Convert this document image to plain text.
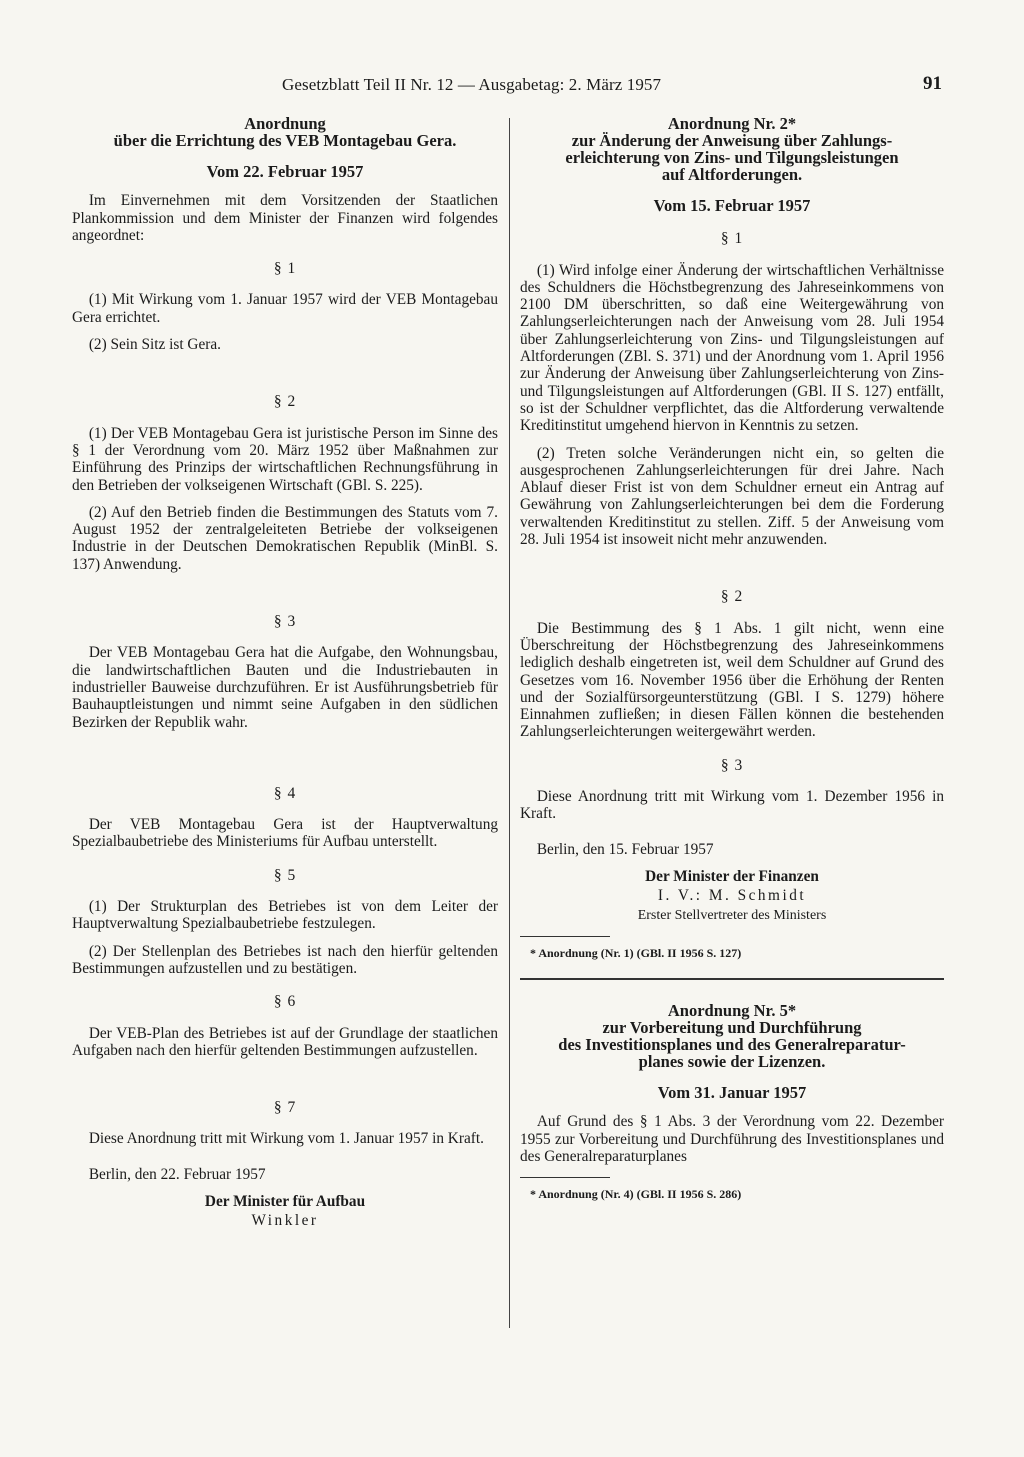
Gesetzblatt Teil II Nr. 12 — Ausgabetag: 2. März 1957	91

Anordnung

über die Errichtung des VEB Montagebau Gera.

Vom 22. Februar 1957

Im Einvernehmen mit dem Vorsitzenden der Staatlichen Plankommission und dem Minister der Finanzen wird folgendes angeordnet:

§ 1

(1) Mit Wirkung vom 1. Januar 1957 wird der VEB Montagebau Gera errichtet.

(2) Sein Sitz ist Gera.

§ 2

(1) Der VEB Montagebau Gera ist juristische Person im Sinne des § 1 der Verordnung vom 20. März 1952 über Maßnahmen zur Einführung des Prinzips der wirtschaftlichen Rechnungsführung in den Betrieben der volkseigenen Wirtschaft (GBl. S. 225).

(2) Auf den Betrieb finden die Bestimmungen des Statuts vom 7. August 1952 der zentralgeleiteten Betriebe der volkseigenen Industrie in der Deutschen Demokratischen Republik (MinBl. S. 137) Anwendung.

§ 3

Der VEB Montagebau Gera hat die Aufgabe, den Wohnungsbau, die landwirtschaftlichen Bauten und die Industriebauten in industrieller Bauweise durchzuführen. Er ist Ausführungsbetrieb für Bauhauptleistungen und nimmt seine Aufgaben in den südlichen Bezirken der Republik wahr.

§ 4

Der VEB Montagebau Gera ist der Hauptverwaltung Spezialbaubetriebe des Ministeriums für Aufbau unterstellt.

§ 5

(1) Der Strukturplan des Betriebes ist von dem Leiter der Hauptverwaltung Spezialbaubetriebe festzulegen.

(2) Der Stellenplan des Betriebes ist nach den hierfür geltenden Bestimmungen aufzustellen und zu bestätigen.

§ 6

Der VEB-Plan des Betriebes ist auf der Grundlage der staatlichen Aufgaben nach den hierfür geltenden Bestimmungen aufzustellen.

§ 7

Diese Anordnung tritt mit Wirkung vom 1. Januar 1957 in Kraft.

Berlin, den 22. Februar 1957

Der Minister für Aufbau

Winkler

Anordnung Nr. 2*

zur Änderung der Anweisung über Zahlungs-

erleichterung von Zins- und Tilgungsleistungen

auf Altforderungen.

Vom 15. Februar 1957

§ 1

(1) Wird infolge einer Änderung der wirtschaftlichen Verhältnisse des Schuldners die Höchstbegrenzung des Jahreseinkommens von 2100 DM überschritten, so daß eine Weitergewährung von Zahlungserleichterungen nach der Anweisung vom 28. Juli 1954 über Zahlungserleichterung von Zins- und Tilgungsleistungen auf Altforderungen (ZBl. S. 371) und der Anordnung vom 1. April 1956 zur Änderung der Anweisung über Zahlungserleichterung von Zins- und Tilgungsleistungen auf Altforderungen (GBl. II S. 127) entfällt, so ist der Schuldner verpflichtet, das die Altforderung verwaltende Kreditinstitut umgehend hiervon in Kenntnis zu setzen.

(2) Treten solche Veränderungen nicht ein, so gelten die ausgesprochenen Zahlungserleichterungen für drei Jahre. Nach Ablauf dieser Frist ist von dem Schuldner erneut ein Antrag auf Gewährung von Zahlungserleichterungen bei dem die Forderung verwaltenden Kreditinstitut zu stellen. Ziff. 5 der Anweisung vom 28. Juli 1954 ist insoweit nicht mehr anzuwenden.

§ 2

Die Bestimmung des § 1 Abs. 1 gilt nicht, wenn eine Überschreitung der Höchstbegrenzung des Jahreseinkommens lediglich deshalb eingetreten ist, weil dem Schuldner auf Grund des Gesetzes vom 16. November 1956 über die Erhöhung der Renten und der Sozialfürsorgeunterstützung (GBl. I S. 1279) höhere Einnahmen zufließen; in diesen Fällen können die bestehenden Zahlungserleichterungen weitergewährt werden.

§ 3

Diese Anordnung tritt mit Wirkung vom 1. Dezember 1956 in Kraft.

Berlin, den 15. Februar 1957

Der Minister der Finanzen

I. V.: M. Schmidt

Erster Stellvertreter des Ministers

* Anordnung (Nr. 1) (GBl. II 1956 S. 127)

Anordnung Nr. 5*

zur Vorbereitung und Durchführung

des Investitionsplanes und des Generalreparatur-

planes sowie der Lizenzen.

Vom 31. Januar 1957

Auf Grund des § 1 Abs. 3 der Verordnung vom 22. Dezember 1955 zur Vorbereitung und Durchführung des Investitionsplanes und des Generalreparaturplanes

* Anordnung (Nr. 4) (GBl. II 1956 S. 286)
